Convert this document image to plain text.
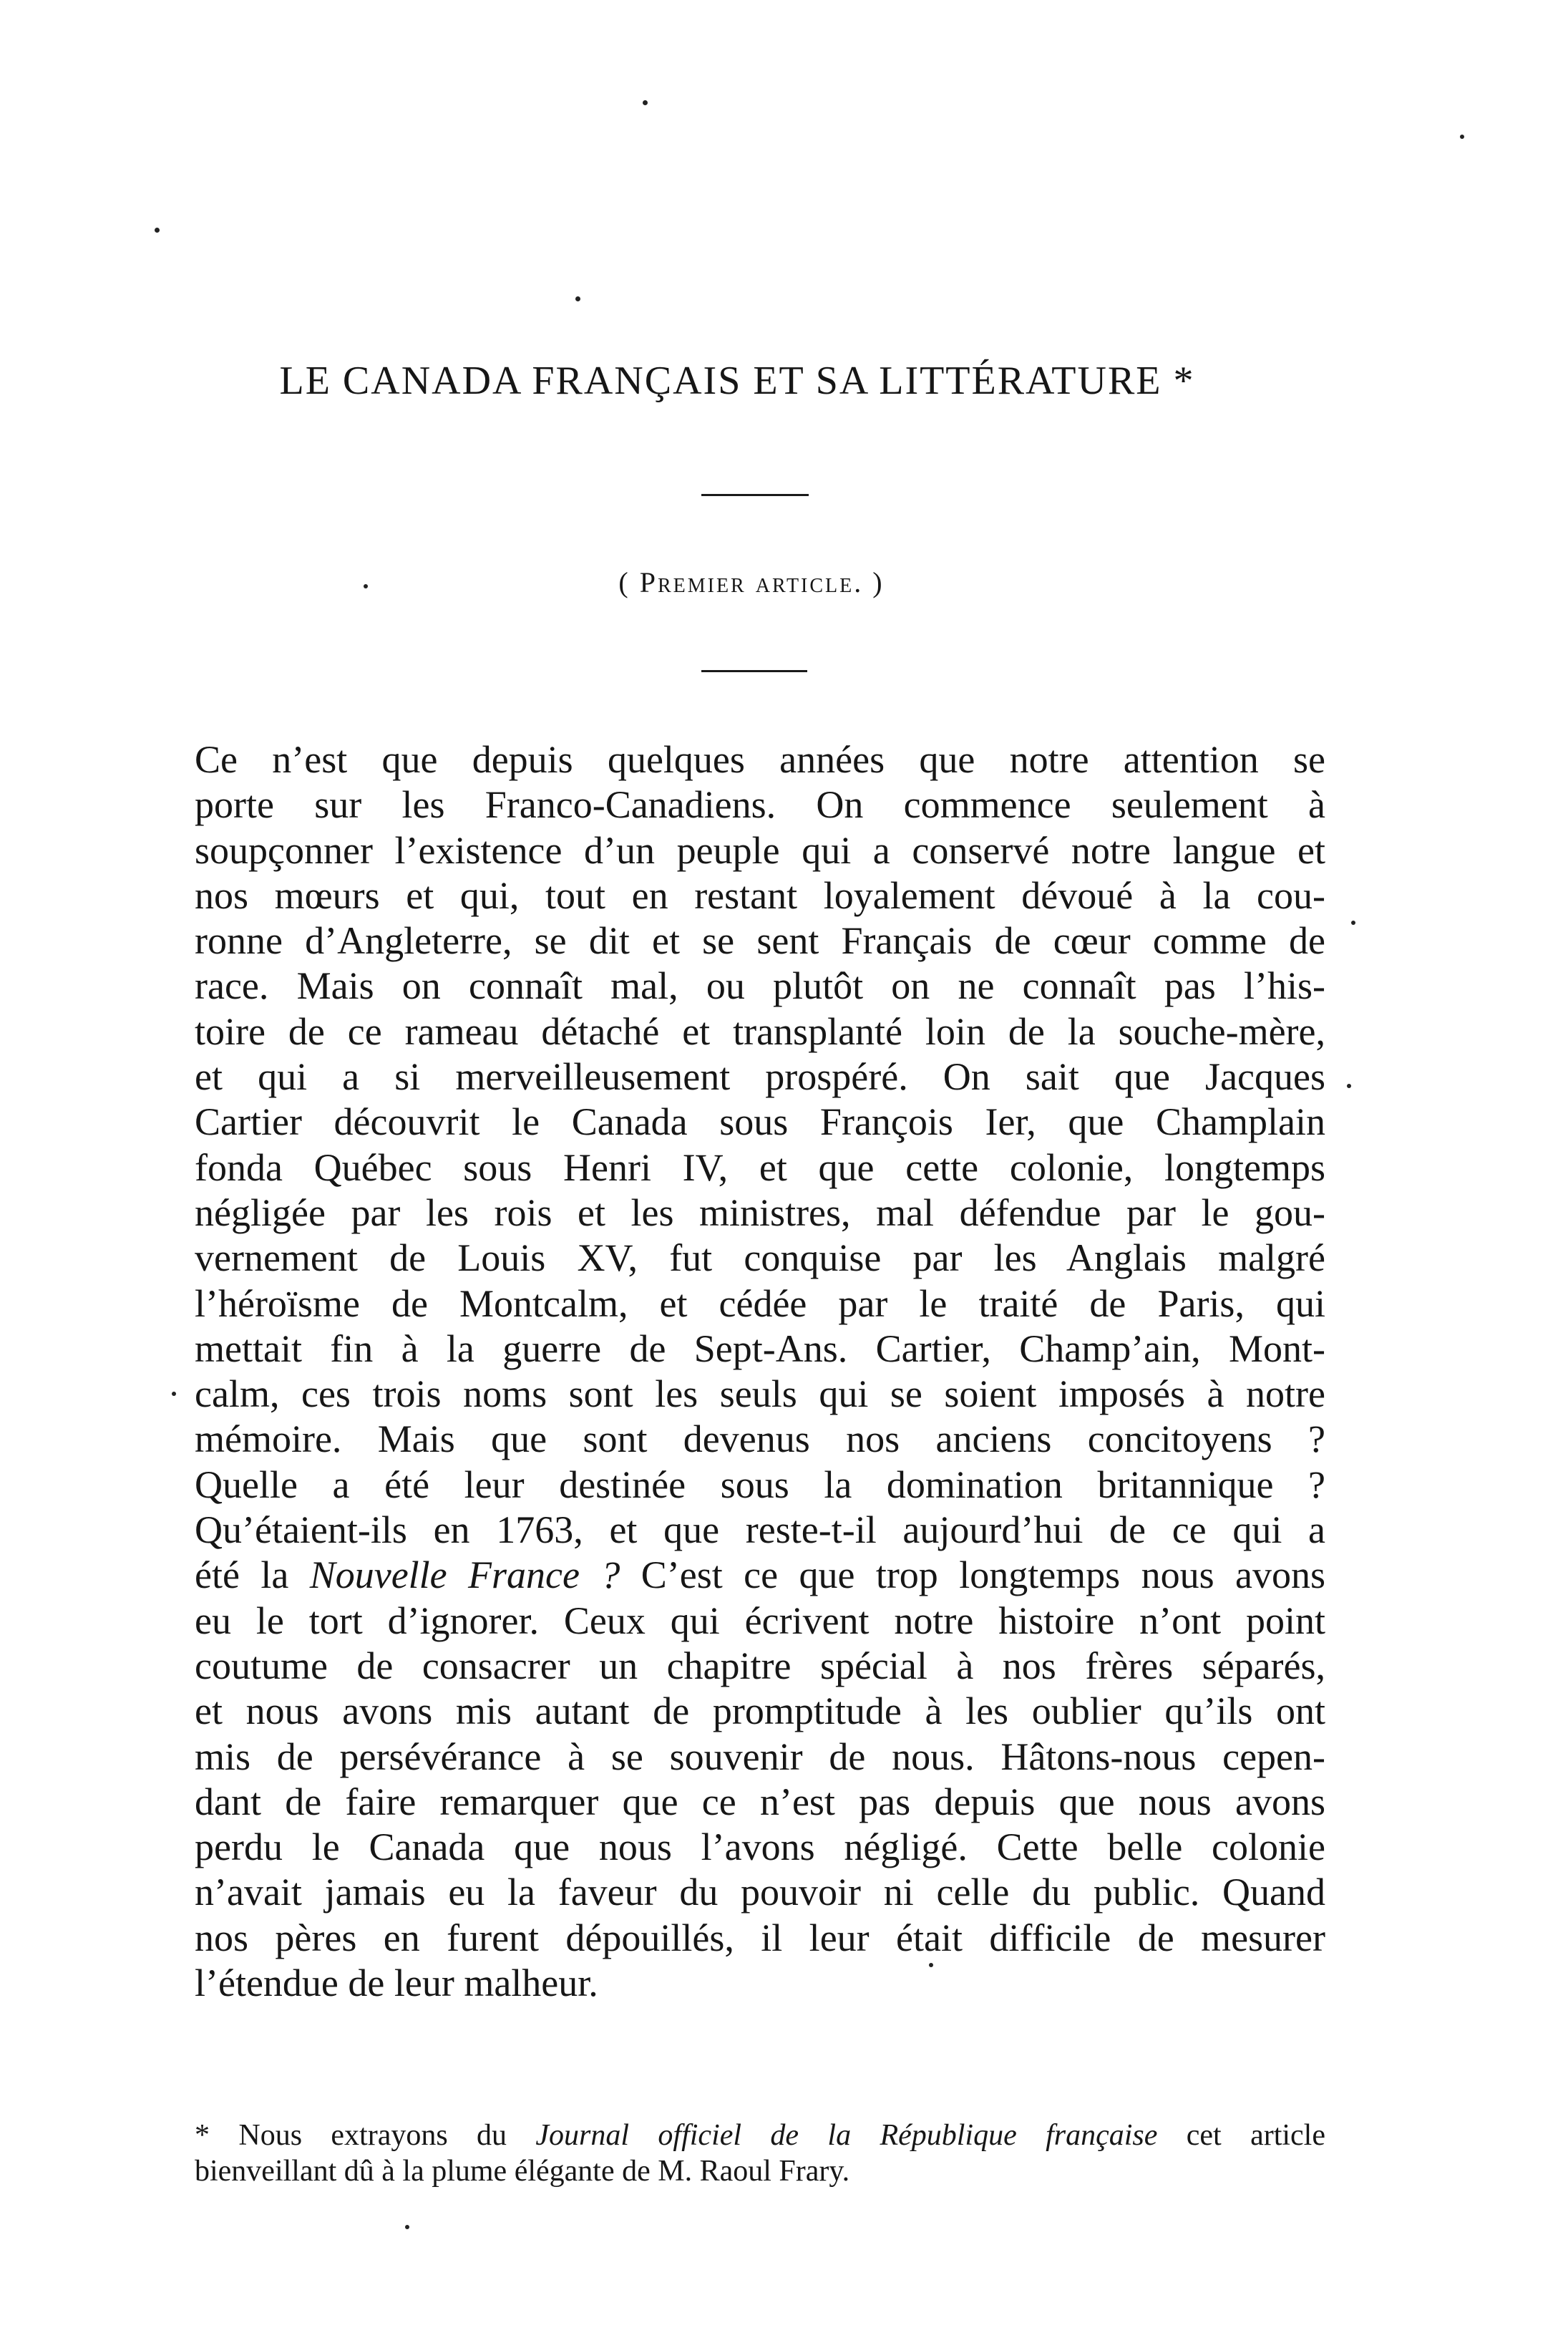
LE CANADA FRANÇAIS ET SA LITTÉRATURE *

( Premier article. )

Ce n’est que depuis quelques années que notre attention se
porte sur les Franco-Canadiens. On commence seulement à
soupçonner l’existence d’un peuple qui a conservé notre langue et
nos mœurs et qui, tout en restant loyalement dévoué à la cou-
ronne d’Angleterre, se dit et se sent Français de cœur comme de
race. Mais on connaît mal, ou plutôt on ne connaît pas l’his-
toire de ce rameau détaché et transplanté loin de la souche-mère,
et qui a si merveilleusement prospéré. On sait que Jacques
Cartier découvrit le Canada sous François Ier, que Champlain
fonda Québec sous Henri IV, et que cette colonie, longtemps
négligée par les rois et les ministres, mal défendue par le gou-
vernement de Louis XV, fut conquise par les Anglais malgré
l’héroïsme de Montcalm, et cédée par le traité de Paris, qui
mettait fin à la guerre de Sept-Ans. Cartier, Champ’ain, Mont-
calm, ces trois noms sont les seuls qui se soient imposés à notre
mémoire. Mais que sont devenus nos anciens concitoyens ?
Quelle a été leur destinée sous la domination britannique ?
Qu’étaient-ils en 1763, et que reste-t-il aujourd’hui de ce qui a
été la Nouvelle France ? C’est ce que trop longtemps nous avons
eu le tort d’ignorer. Ceux qui écrivent notre histoire n’ont point
coutume de consacrer un chapitre spécial à nos frères séparés,
et nous avons mis autant de promptitude à les oublier qu’ils ont
mis de persévérance à se souvenir de nous. Hâtons-nous cepen-
dant de faire remarquer que ce n’est pas depuis que nous avons
perdu le Canada que nous l’avons négligé. Cette belle colonie
n’avait jamais eu la faveur du pouvoir ni celle du public. Quand
nos pères en furent dépouillés, il leur était difficile de mesurer
l’étendue de leur malheur.
* Nous extrayons du Journal officiel de la République française cet article
bienveillant dû à la plume élégante de M. Raoul Frary.
